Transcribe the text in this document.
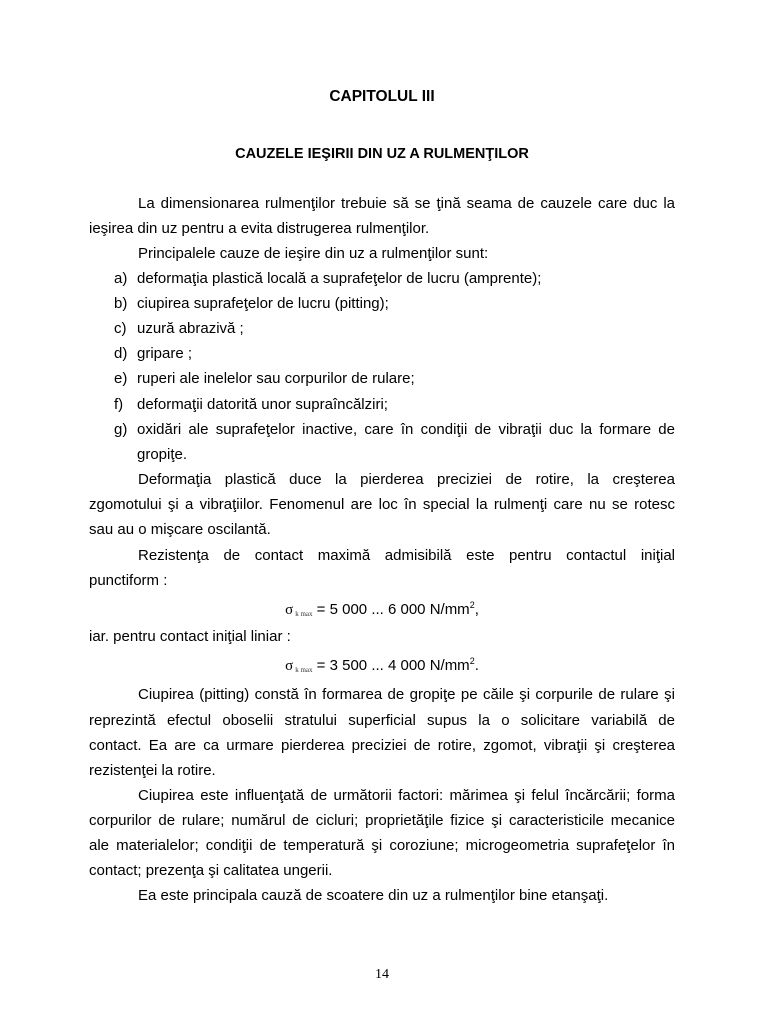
CAPITOLUL III
CAUZELE IEŞIRII DIN UZ A RULMENŢILOR
La dimensionarea rulmenţilor trebuie să se ţină seama de cauzele care duc la
ieşirea din uz pentru a evita distrugerea rulmenţilor.
Principalele cauze de ieşire din uz a rulmenţilor sunt:
a) deformaţia plastică locală a suprafeţelor de lucru (amprente);
b) ciupirea suprafeţelor de lucru (pitting);
c) uzură abrazivă ;
d) gripare ;
e) ruperi ale inelelor sau corpurilor de rulare;
f) deformaţii datorită unor supraîncălziri;
g) oxidări ale suprafeţelor inactive, care în condiţii de vibraţii duc la formare de
gropiţe.
Deformaţia plastică duce la pierderea preciziei de rotire, la creşterea
zgomotului şi a vibraţiilor. Fenomenul are loc în special la rulmenţi care nu se rotesc
sau au o mişcare oscilantă.
Rezistenţa de contact maximă admisibilă este pentru contactul iniţial
punctiform :
σ $_{k max}$ = 5 000 ... 6 000 $N/mm^2$,
iar. pentru contact iniţial liniar :
σ $_{k max}$ = 3 500 ... 4 000 $N/mm^2$.
Ciupirea (pitting) constă în formarea de gropiţe pe căile şi corpurile de rulare şi
reprezintă efectul oboselii stratului superficial supus la o solicitare variabilă de
contact. Ea are ca urmare pierderea preciziei de rotire, zgomot, vibraţii şi creşterea
rezistenţei la rotire.
Ciupirea este influenţată de următorii factori: mărimea şi felul încărcării; forma
corpurilor de rulare; numărul de cicluri; proprietăţile fizice şi caracteristicile mecanice
ale materialelor; condiţii de temperatură şi coroziune; microgeometria suprafeţelor în
contact; prezenţa şi calitatea ungerii.
Ea este principala cauză de scoatere din uz a rulmenţilor bine etanşaţi.
14
